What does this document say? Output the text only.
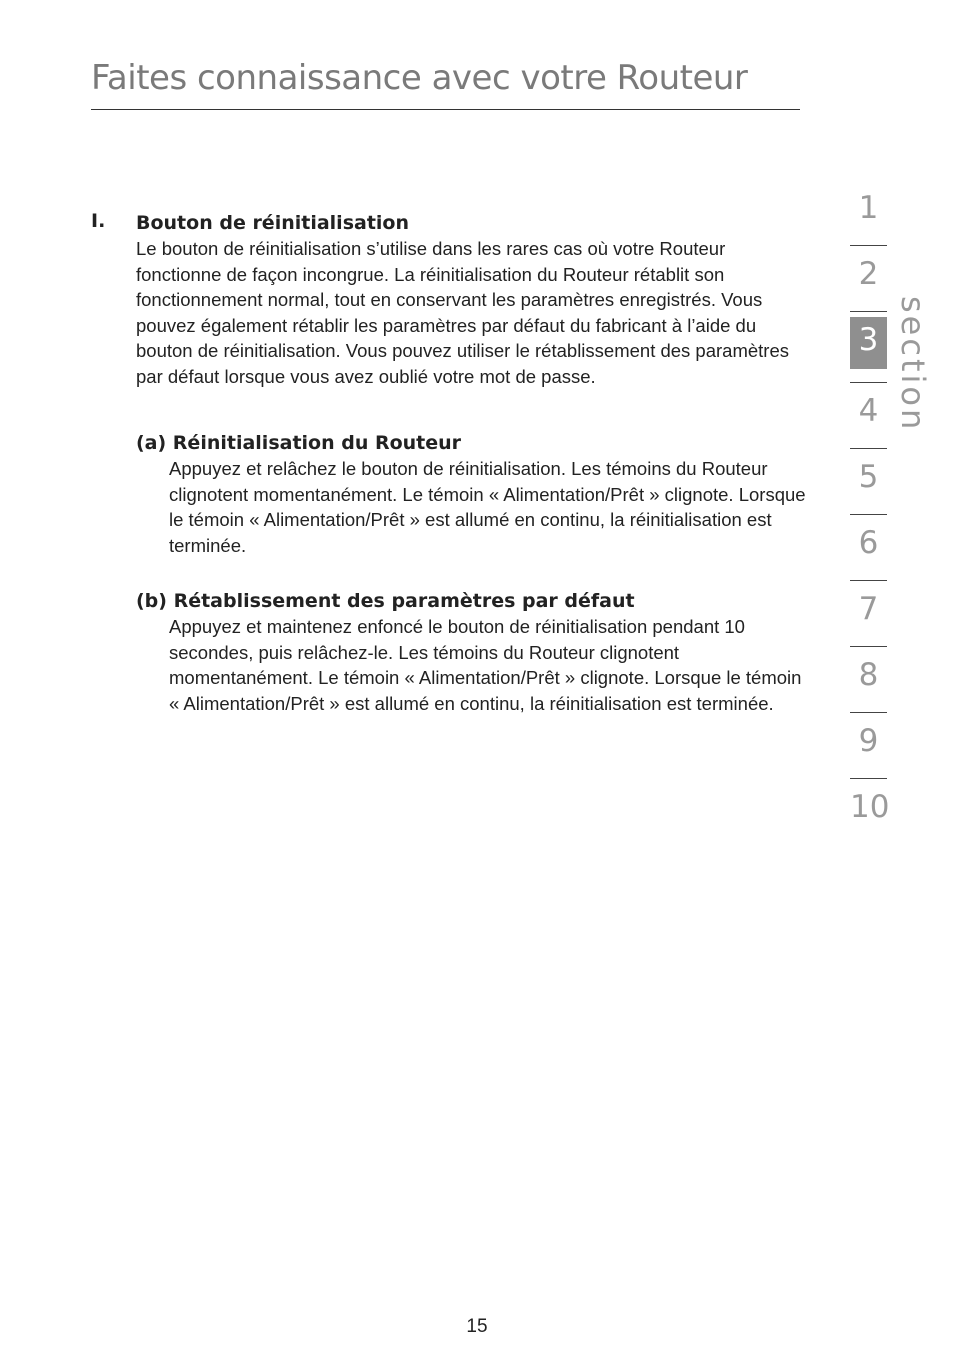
Faites connaissance avec votre Routeur
I. Bouton de réinitialisation

Le bouton de réinitialisation s’utilise dans les rares cas où votre Routeur fonctionne de façon incongrue. La réinitialisation du Routeur rétablit son fonctionnement normal, tout en conservant les paramètres enregistrés. Vous pouvez également rétablir les paramètres par défaut du fabricant à l’aide du bouton de réinitialisation. Vous pouvez utiliser le rétablissement des paramètres par défaut lorsque vous avez oublié votre mot de passe.

(a) Réinitialisation du Routeur

Appuyez et relâchez le bouton de réinitialisation. Les témoins du Routeur clignotent momentanément. Le témoin « Alimentation/Prêt » clignote. Lorsque le témoin « Alimentation/Prêt » est allumé en continu, la réinitialisation est terminée.

(b) Rétablissement des paramètres par défaut

Appuyez et maintenez enfoncé le bouton de réinitialisation pendant 10 secondes, puis relâchez-le. Les témoins du Routeur clignotent momentanément. Le témoin « Alimentation/Prêt » clignote. Lorsque le témoin « Alimentation/Prêt » est allumé en continu, la réinitialisation est terminée.

1
2
3
4
5
6
7
8
9
10
section
15
